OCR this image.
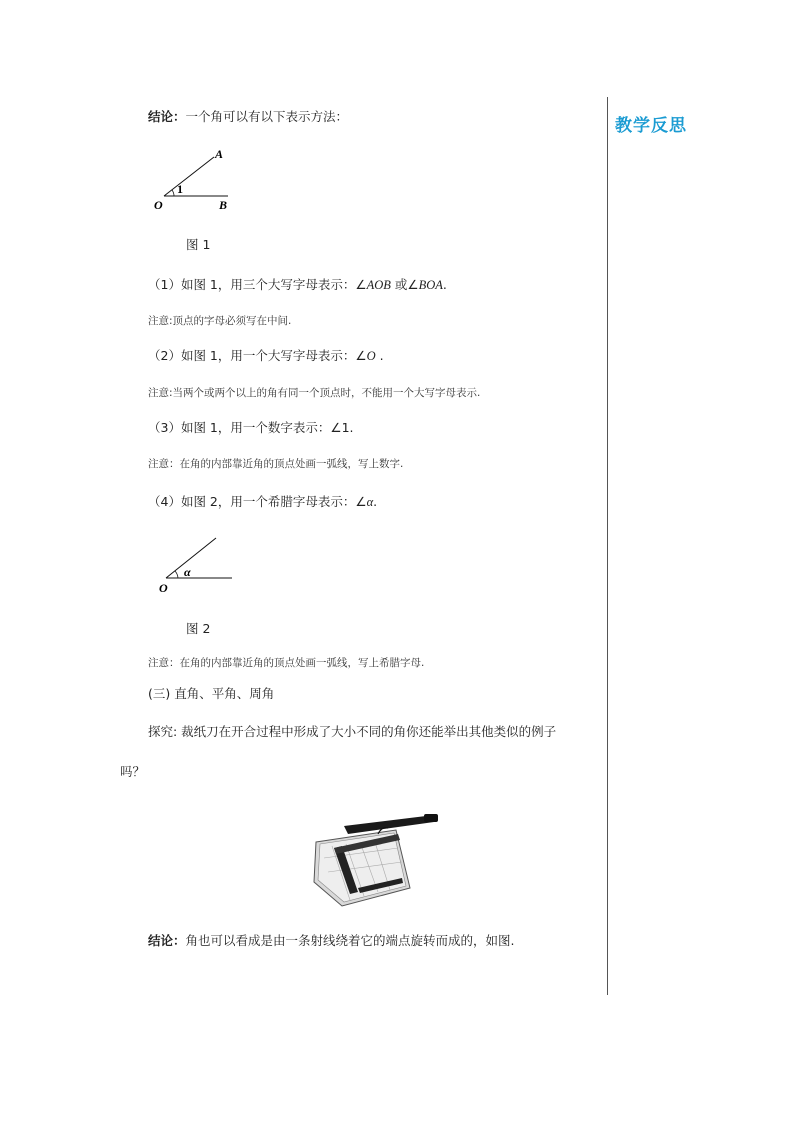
教学反思
结论：一个角可以有以下表示方法：
A
O	B
1
图 1
（1）如图 1，用三个大写字母表示：∠AOB 或∠BOA.
注意:顶点的字母必须写在中间.
（2）如图 1，用一个大写字母表示：∠O .
注意:当两个或两个以上的角有同一个顶点时，不能用一个大写字母表示.
（3）如图 1，用一个数字表示：∠1.
注意：在角的内部靠近角的顶点处画一弧线，写上数字.
（4）如图 2，用一个希腊字母表示：∠α.
O
α
图 2
注意：在角的内部靠近角的顶点处画一弧线，写上希腊字母.
(三) 直角、平角、周角
探究: 裁纸刀在开合过程中形成了大小不同的角你还能举出其他类似的例子
吗？
结论：角也可以看成是由一条射线绕着它的端点旋转而成的，如图.
